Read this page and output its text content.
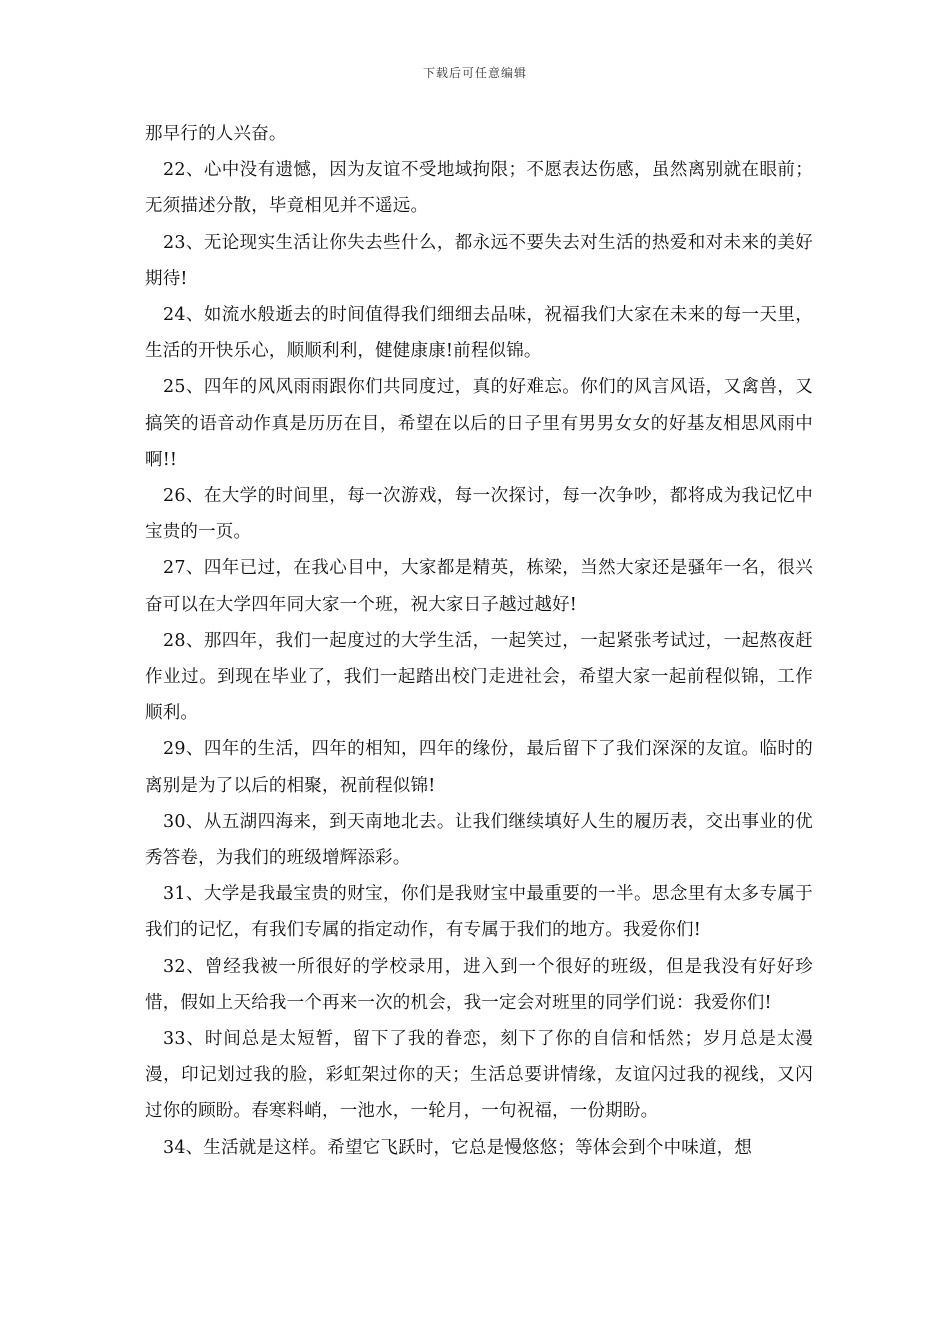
下载后可任意编辑

那早行的人兴奋。

22、心中没有遗憾，因为友谊不受地域拘限；不愿表达伤感，虽然离别就在眼前；无须描述分散，毕竟相见并不遥远。

23、无论现实生活让你失去些什么，都永远不要失去对生活的热爱和对未来的美好期待!

24、如流水般逝去的时间值得我们细细去品味，祝福我们大家在未来的每一天里，生活的开快乐心，顺顺利利，健健康康!前程似锦。

25、四年的风风雨雨跟你们共同度过，真的好难忘。你们的风言风语，又禽兽，又搞笑的语音动作真是历历在目，希望在以后的日子里有男男女女的好基友相思风雨中啊!!

26、在大学的时间里，每一次游戏，每一次探讨，每一次争吵，都将成为我记忆中宝贵的一页。

27、四年已过，在我心目中，大家都是精英，栋梁，当然大家还是骚年一名，很兴奋可以在大学四年同大家一个班，祝大家日子越过越好!

28、那四年，我们一起度过的大学生活，一起笑过，一起紧张考试过，一起熬夜赶作业过。到现在毕业了，我们一起踏出校门走进社会，希望大家一起前程似锦，工作顺利。

29、四年的生活，四年的相知，四年的缘份，最后留下了我们深深的友谊。临时的离别是为了以后的相聚，祝前程似锦!

30、从五湖四海来，到天南地北去。让我们继续填好人生的履历表，交出事业的优秀答卷，为我们的班级增辉添彩。

31、大学是我最宝贵的财宝，你们是我财宝中最重要的一半。思念里有太多专属于我们的记忆，有我们专属的指定动作，有专属于我们的地方。我爱你们!

32、曾经我被一所很好的学校录用，进入到一个很好的班级，但是我没有好好珍惜，假如上天给我一个再来一次的机会，我一定会对班里的同学们说：我爱你们!

33、时间总是太短暂，留下了我的眷恋，刻下了你的自信和恬然；岁月总是太漫漫，印记划过我的脸，彩虹架过你的天；生活总要讲情缘，友谊闪过我的视线，又闪过你的顾盼。春寒料峭，一池水，一轮月，一句祝福，一份期盼。

34、生活就是这样。希望它飞跃时，它总是慢悠悠；等体会到个中味道，想
